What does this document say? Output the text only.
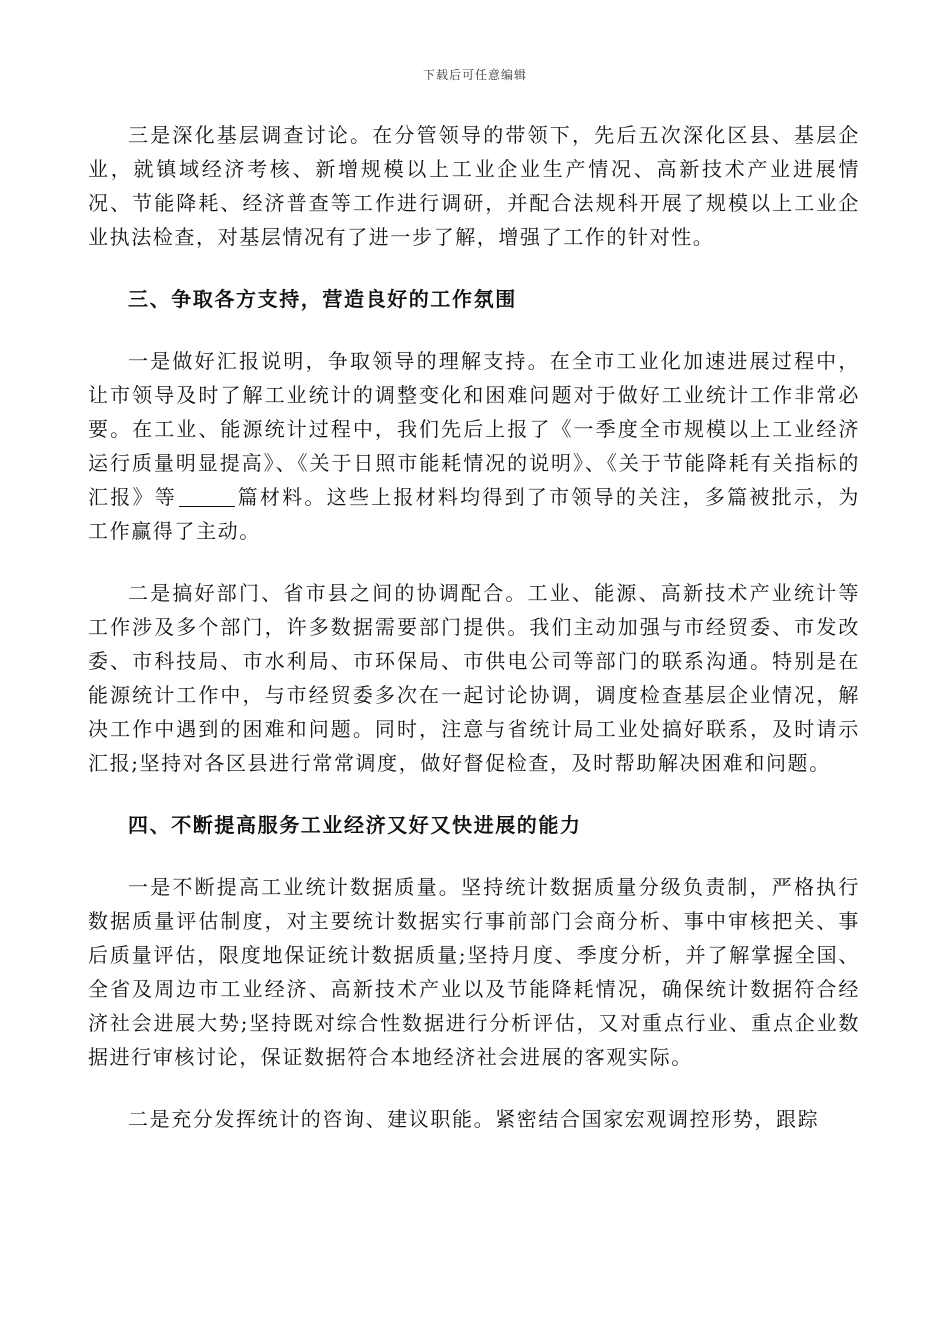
下载后可任意编辑

三是深化基层调查讨论。在分管领导的带领下，先后五次深化区县、基层企业，就镇域经济考核、新增规模以上工业企业生产情况、高新技术产业进展情况、节能降耗、经济普查等工作进行调研，并配合法规科开展了规模以上工业企业执法检查，对基层情况有了进一步了解，增强了工作的针对性。

三、争取各方支持，营造良好的工作氛围

一是做好汇报说明，争取领导的理解支持。在全市工业化加速进展过程中，让市领导及时了解工业统计的调整变化和困难问题对于做好工业统计工作非常必要。在工业、能源统计过程中，我们先后上报了《一季度全市规模以上工业经济运行质量明显提高》、《关于日照市能耗情况的说明》、《关于节能降耗有关指标的汇报》等	篇材料。这些上报材料均得到了市领导的关注，多篇被批示，为工作赢得了主动。

二是搞好部门、省市县之间的协调配合。工业、能源、高新技术产业统计等工作涉及多个部门，许多数据需要部门提供。我们主动加强与市经贸委、市发改委、市科技局、市水利局、市环保局、市供电公司等部门的联系沟通。特别是在能源统计工作中，与市经贸委多次在一起讨论协调，调度检查基层企业情况，解决工作中遇到的困难和问题。同时，注意与省统计局工业处搞好联系，及时请示汇报;坚持对各区县进行常常调度，做好督促检查，及时帮助解决困难和问题。

四、不断提高服务工业经济又好又快进展的能力

一是不断提高工业统计数据质量。坚持统计数据质量分级负责制，严格执行数据质量评估制度，对主要统计数据实行事前部门会商分析、事中审核把关、事后质量评估，限度地保证统计数据质量;坚持月度、季度分析，并了解掌握全国、全省及周边市工业经济、高新技术产业以及节能降耗情况，确保统计数据符合经济社会进展大势;坚持既对综合性数据进行分析评估，又对重点行业、重点企业数据进行审核讨论，保证数据符合本地经济社会进展的客观实际。

二是充分发挥统计的咨询、建议职能。紧密结合国家宏观调控形势，跟踪
